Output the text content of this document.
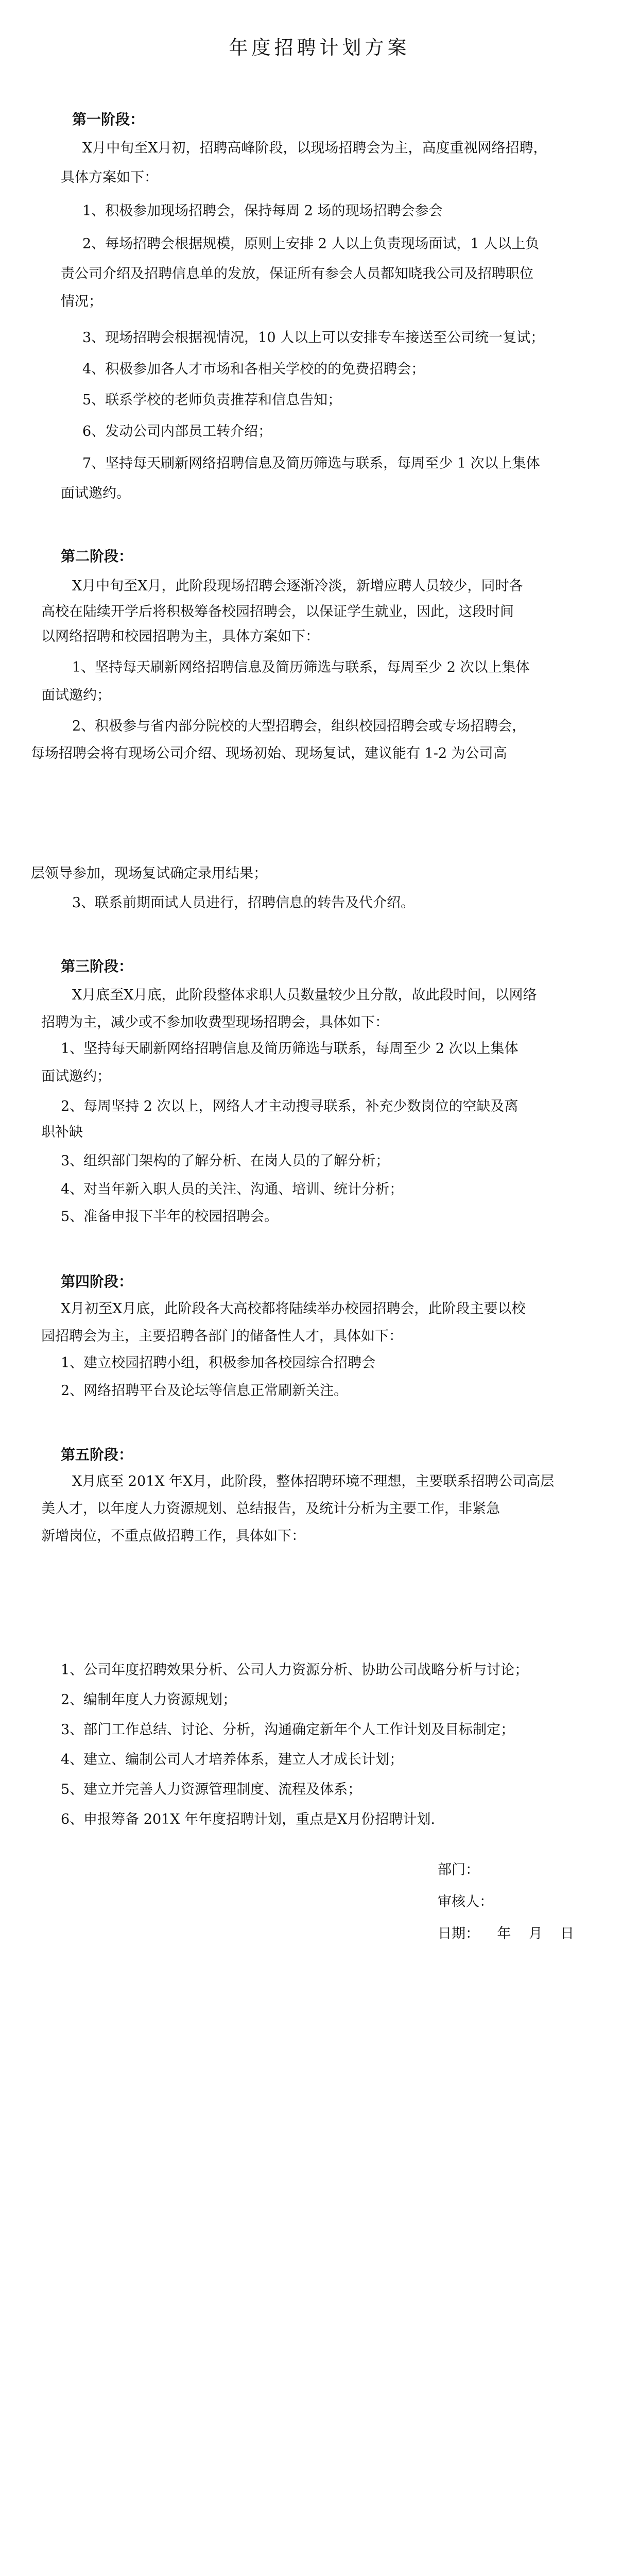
年度招聘计划方案
第一阶段：
X月中旬至X月初，招聘高峰阶段，以现场招聘会为主，高度重视网络招聘，
具体方案如下：
1、积极参加现场招聘会，保持每周 2 场的现场招聘会参会
2、每场招聘会根据规模，原则上安排 2 人以上负责现场面试，1 人以上负
责公司介绍及招聘信息单的发放，保证所有参会人员都知晓我公司及招聘职位
情况；
3、现场招聘会根据视情况，10 人以上可以安排专车接送至公司统一复试；
4、积极参加各人才市场和各相关学校的的免费招聘会；
5、联系学校的老师负责推荐和信息告知；
6、发动公司内部员工转介绍；
7、坚持每天刷新网络招聘信息及简历筛选与联系，每周至少 1 次以上集体
面试邀约。
第二阶段：
X月中旬至X月，此阶段现场招聘会逐渐冷淡，新增应聘人员较少，同时各
高校在陆续开学后将积极筹备校园招聘会，以保证学生就业，因此，这段时间
以网络招聘和校园招聘为主，具体方案如下：
1、坚持每天刷新网络招聘信息及简历筛选与联系，每周至少 2 次以上集体
面试邀约；
2、积极参与省内部分院校的大型招聘会，组织校园招聘会或专场招聘会，
每场招聘会将有现场公司介绍、现场初始、现场复试，建议能有 1-2 为公司高
层领导参加，现场复试确定录用结果；
3、联系前期面试人员进行，招聘信息的转告及代介绍。
第三阶段：
X月底至X月底，此阶段整体求职人员数量较少且分散，故此段时间，以网络
招聘为主，减少或不参加收费型现场招聘会，具体如下：
1、坚持每天刷新网络招聘信息及简历筛选与联系，每周至少 2 次以上集体
面试邀约；
2、每周坚持 2 次以上，网络人才主动搜寻联系，补充少数岗位的空缺及离
职补缺
3、组织部门架构的了解分析、在岗人员的了解分析；
4、对当年新入职人员的关注、沟通、培训、统计分析；
5、准备申报下半年的校园招聘会。
第四阶段：
X月初至X月底，此阶段各大高校都将陆续举办校园招聘会，此阶段主要以校
园招聘会为主，主要招聘各部门的储备性人才，具体如下：
1、建立校园招聘小组，积极参加各校园综合招聘会
2、网络招聘平台及论坛等信息正常刷新关注。
第五阶段：
X月底至 201X 年X月，此阶段，整体招聘环境不理想，主要联系招聘公司高层
美人才，以年度人力资源规划、总结报告，及统计分析为主要工作，非紧急
新增岗位，不重点做招聘工作，具体如下：
1、公司年度招聘效果分析、公司人力资源分析、协助公司战略分析与讨论；
2、编制年度人力资源规划；
3、部门工作总结、讨论、分析，沟通确定新年个人工作计划及目标制定；
4、建立、编制公司人才培养体系，建立人才成长计划；
5、建立并完善人力资源管理制度、流程及体系；
6、申报筹备 201X 年年度招聘计划，重点是X月份招聘计划.
部门：
审核人：
日期：    年    月    日
